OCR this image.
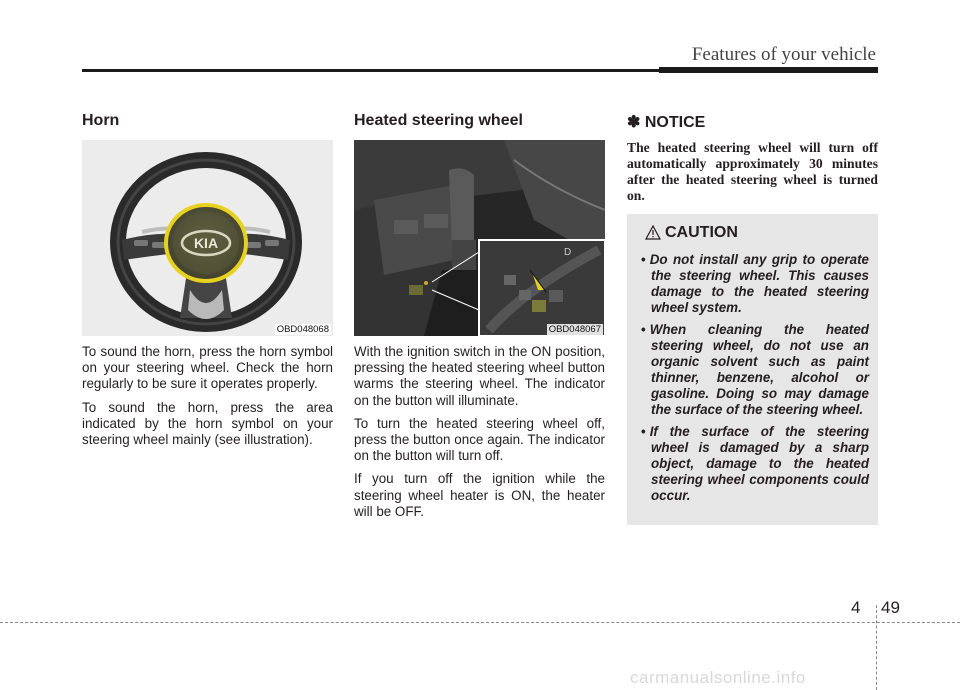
Features of your vehicle
Horn
KIA
OBD048068

To sound the horn, press the horn symbol on your steering wheel. Check the horn regularly to be sure it operates properly.

To sound the horn, press the area indicated by the horn symbol on your steering wheel mainly (see illustration).

Heated steering wheel
D
OBD048067

With the ignition switch in the ON position, pressing the heated steering wheel button warms the steering wheel. The indicator on the button will illuminate.

To turn the heated steering wheel off, press the button once again. The indicator on the button will turn off.

If you turn off the ignition while the steering wheel heater is ON, the heater will be OFF.

✽ NOTICE
The heated steering wheel will turn off automatically approximately 30 minutes after the heated steering wheel is turned on.
CAUTION
• Do not install any grip to operate the steering wheel. This causes damage to the heated steering wheel system.
• When cleaning the heated steering wheel, do not use an organic solvent such as paint thinner, benzene, alcohol or gasoline. Doing so may damage the surface of the steering wheel.
• If the surface of the steering wheel is damaged by a sharp object, damage to the heated steering wheel components could occur.
4 49
carmanualsonline.info
